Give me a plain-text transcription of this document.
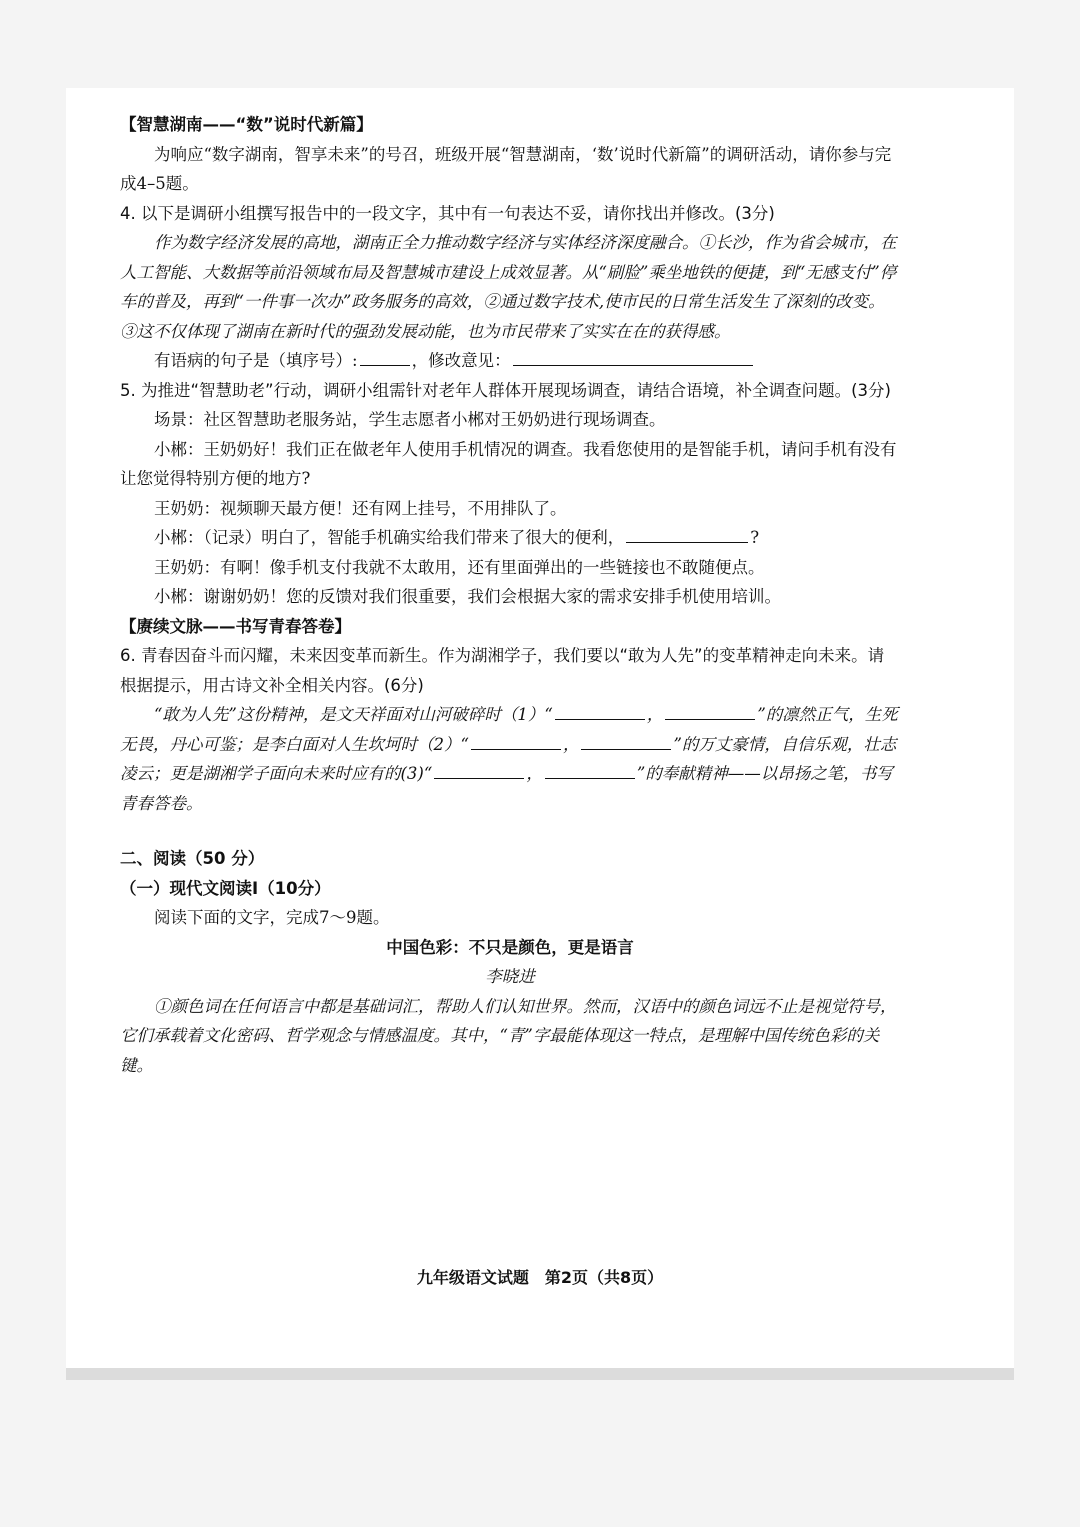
【智慧湖南——“数”说时代新篇】

为响应“数字湖南，智享未来”的号召，班级开展“智慧湖南，‘数’说时代新篇”的调研活动，请你参与完成4–5题。

4. 以下是调研小组撰写报告中的一段文字，其中有一句表达不妥，请你找出并修改。(3分)

作为数字经济发展的高地，湖南正全力推动数字经济与实体经济深度融合。①长沙，作为省会城市，在人工智能、大数据等前沿领域布局及智慧城市建设上成效显著。从“刷脸”乘坐地铁的便捷，到“无感支付”停车的普及，再到“一件事一次办”政务服务的高效，②通过数字技术,使市民的日常生活发生了深刻的改变。③这不仅体现了湖南在新时代的强劲发展动能，也为市民带来了实实在在的获得感。

有语病的句子是（填序号）:	，修改意见：

5. 为推进“智慧助老”行动，调研小组需针对老年人群体开展现场调查，请结合语境，补全调查问题。(3分)

场景：社区智慧助老服务站，学生志愿者小郴对王奶奶进行现场调查。

小郴：王奶奶好！我们正在做老年人使用手机情况的调查。我看您使用的是智能手机，请问手机有没有让您觉得特别方便的地方?

王奶奶：视频聊天最方便！还有网上挂号，不用排队了。

小郴：（记录）明白了，智能手机确实给我们带来了很大的便利，	?

王奶奶：有啊！像手机支付我就不太敢用，还有里面弹出的一些链接也不敢随便点。

小郴：谢谢奶奶！您的反馈对我们很重要，我们会根据大家的需求安排手机使用培训。

【赓续文脉——书写青春答卷】

6. 青春因奋斗而闪耀，未来因变革而新生。作为湖湘学子，我们要以“敢为人先”的变革精神走向未来。请根据提示，用古诗文补全相关内容。(6分)

“敢为人先”这份精神，是文天祥面对山河破碎时（1）“	，	”的凛然正气，生死无畏，丹心可鉴；是李白面对人生坎坷时（2）“	，	”的万丈豪情，自信乐观，壮志凌云；更是湖湘学子面向未来时应有的(3)“	，	”的奉献精神——以昂扬之笔，书写青春答卷。

二、阅读（50 分）

（一）现代文阅读Ⅰ（10分）

阅读下面的文字，完成7～9题。

中国色彩：不只是颜色，更是语言

李晓进

①颜色词在任何语言中都是基础词汇，帮助人们认知世界。然而，汉语中的颜色词远不止是视觉符号，它们承载着文化密码、哲学观念与情感温度。其中，“青”字最能体现这一特点，是理解中国传统色彩的关键。

九年级语文试题　第2页（共8页）
